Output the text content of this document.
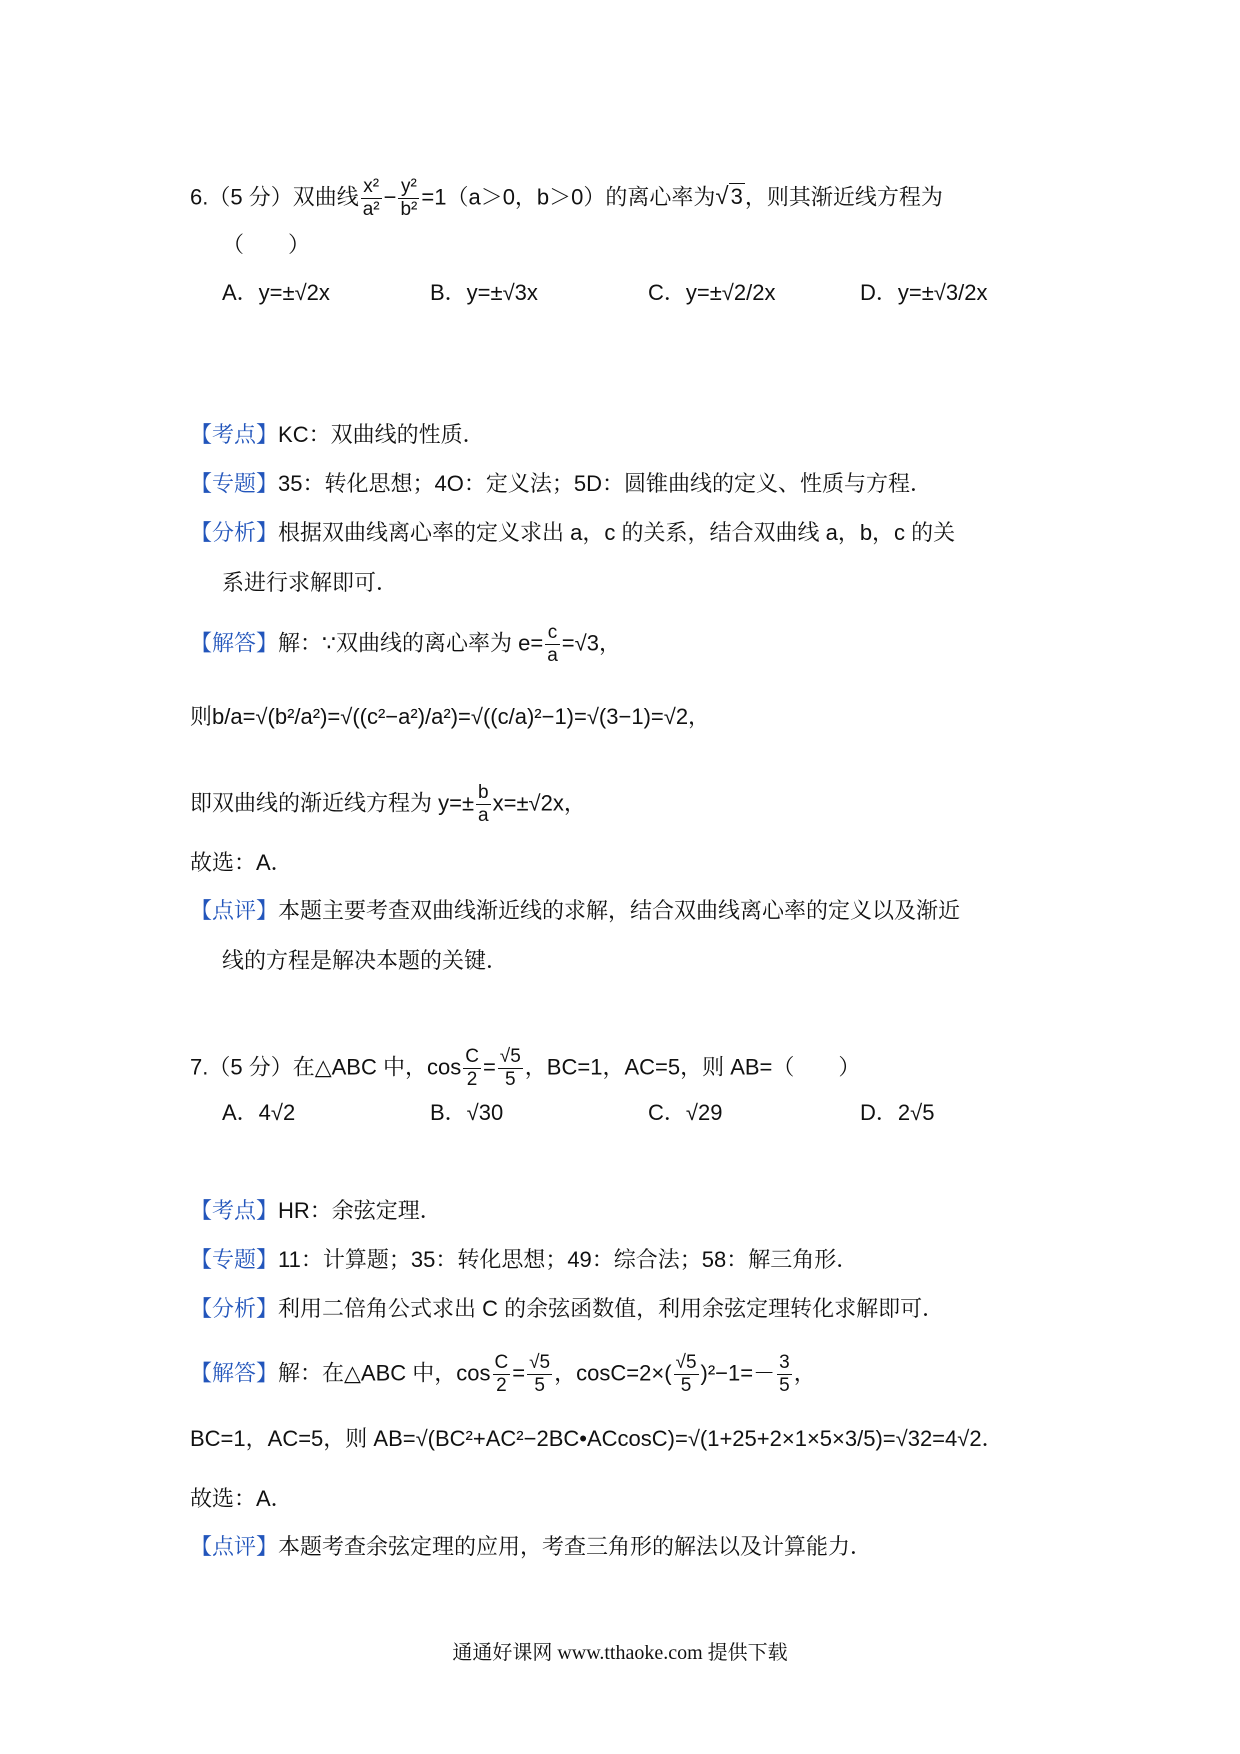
6.（5 分）双曲线 $\frac{\text{x²}}{\text{a²}} - \frac{\text{y²}}{\text{b²}} =1(a>0$，b＞0）的离心率为√3，则其渐近线方程为
（　　）
A．y=±√2x	B．y=±√3x	C．y=±√2/2x	D．y=±√3/2x
【考点】KC：双曲线的性质．
【专题】35：转化思想；4O：定义法；5D：圆锥曲线的定义、性质与方程．
【分析】根据双曲线离心率的定义求出 a，c 的关系，结合双曲线 a，b，c 的关
系进行求解即可．
【解答】解：∵双曲线的离心率为 $e= \frac{c}{a} =√3$，
则b/a=√(b²/a²)=√((c²−a²)/a²)=√((c/a)²−1)=√(3−1)=√2，
即双曲线的渐近线方程为 $y=\pm \frac{b}{a} x=\pm√2x$，
故选：A．
【点评】本题主要考查双曲线渐近线的求解，结合双曲线离心率的定义以及渐近
线的方程是解决本题的关键．
7.（5 分）在△ABC 中，$\cos \frac{C}{2} = \frac{√5}{5}$ ，BC=1，AC=5，则 AB=（　　）
A．4√2	B．√30	C．√29	D．2√5
【考点】HR：余弦定理．
【专题】11：计算题；35：转化思想；49：综合法；58：解三角形．
【分析】利用二倍角公式求出 C 的余弦函数值，利用余弦定理转化求解即可．
【解答】解：在△ABC 中，$\cos \frac{C}{2} = \frac{√5}{5}$ ，$\cos C=2\times( \frac{√5}{5} )^2-1=- \frac{3}{5}$ ，
BC=1，AC=5，则 AB=√(BC²+AC²−2BC•ACcosC)=√(1+25+2×1×5×3/5)=√32=4√2．
故选：A．
【点评】本题考查余弦定理的应用，考查三角形的解法以及计算能力．
通通好课网 www.tthaoke.com 提供下载
